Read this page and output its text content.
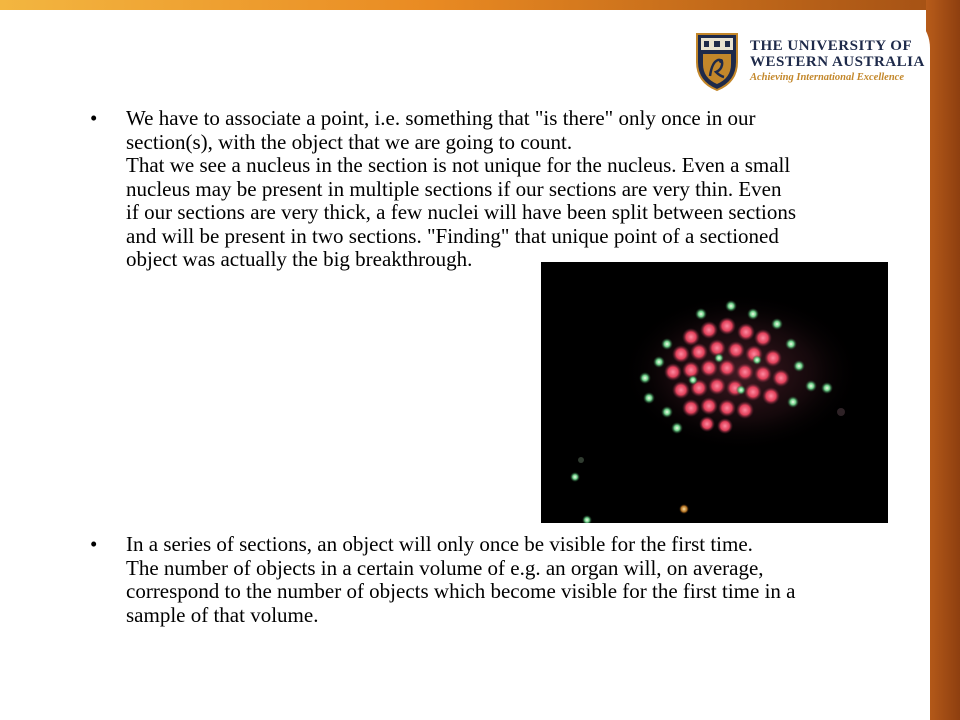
THE UNIVERSITY OF
WESTERN AUSTRALIA
Achieving International Excellence
• We have to associate a point, i.e. something that "is there" only once in our
section(s), with the object that we are going to count.
That we see a nucleus in the section is not unique for the nucleus. Even a small
nucleus may be present in multiple sections if our sections are very thin. Even
if our sections are very thick, a few nuclei will have been split between sections
and will be present in two sections. "Finding" that unique point of a sectioned
object was actually the big breakthrough.
• In a series of sections, an object will only once be visible for the first time.
The number of objects in a certain volume of e.g. an organ will, on average,
correspond to the number of objects which become visible for the first time in a
sample of that volume.
